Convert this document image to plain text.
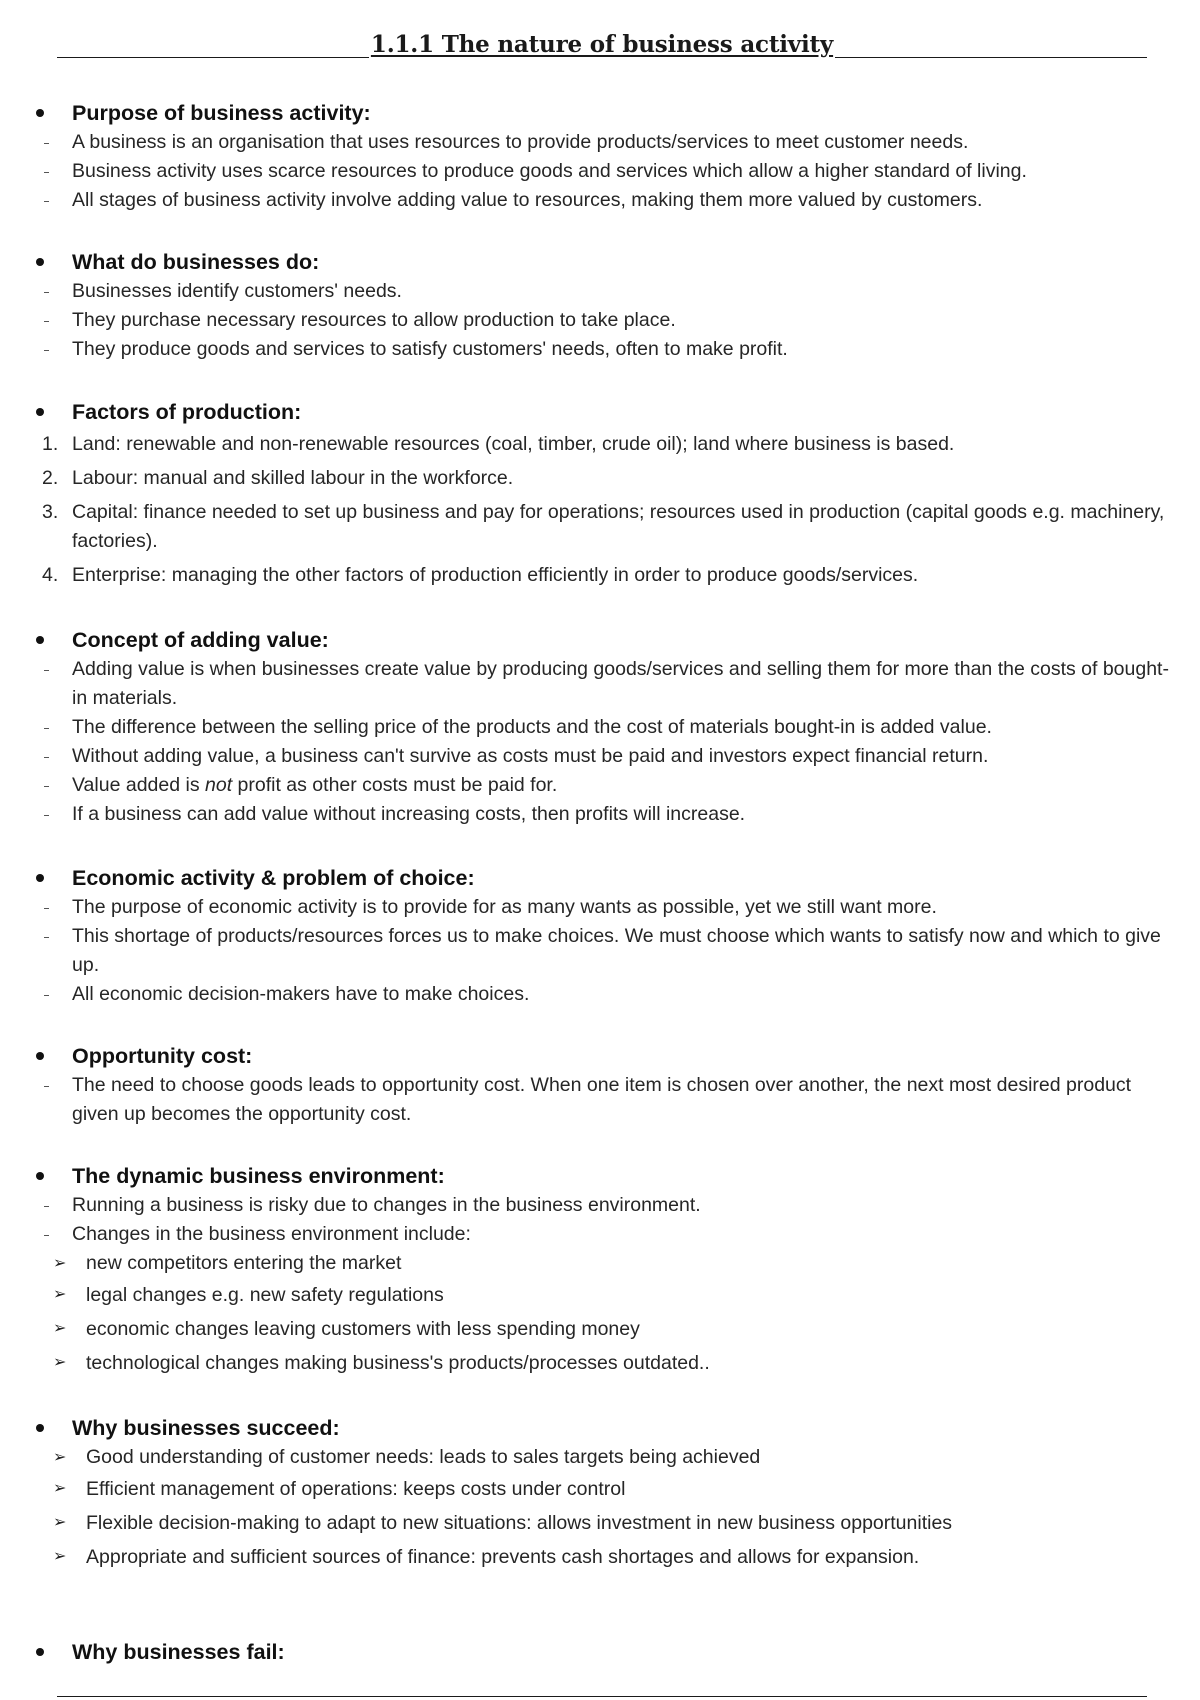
1.1.1 The nature of business activity
Purpose of business activity:
A business is an organisation that uses resources to provide products/services to meet customer needs.
Business activity uses scarce resources to produce goods and services which allow a higher standard of living.
All stages of business activity involve adding value to resources, making them more valued by customers.
What do businesses do:
Businesses identify customers' needs.
They purchase necessary resources to allow production to take place.
They produce goods and services to satisfy customers' needs, often to make profit.
Factors of production:
1. Land: renewable and non-renewable resources (coal, timber, crude oil); land where business is based.
2. Labour: manual and skilled labour in the workforce.
3. Capital: finance needed to set up business and pay for operations; resources used in production (capital goods e.g. machinery, factories).
4. Enterprise: managing the other factors of production efficiently in order to produce goods/services.
Concept of adding value:
Adding value is when businesses create value by producing goods/services and selling them for more than the costs of bought-in materials.
The difference between the selling price of the products and the cost of materials bought-in is added value.
Without adding value, a business can't survive as costs must be paid and investors expect financial return.
Value added is not profit as other costs must be paid for.
If a business can add value without increasing costs, then profits will increase.
Economic activity & problem of choice:
The purpose of economic activity is to provide for as many wants as possible, yet we still want more.
This shortage of products/resources forces us to make choices. We must choose which wants to satisfy now and which to give up.
All economic decision-makers have to make choices.
Opportunity cost:
The need to choose goods leads to opportunity cost. When one item is chosen over another, the next most desired product given up becomes the opportunity cost.
The dynamic business environment:
Running a business is risky due to changes in the business environment.
Changes in the business environment include:
➢ new competitors entering the market
➢ legal changes e.g. new safety regulations
➢ economic changes leaving customers with less spending money
➢ technological changes making business's products/processes outdated..
Why businesses succeed:
➢ Good understanding of customer needs: leads to sales targets being achieved
➢ Efficient management of operations: keeps costs under control
➢ Flexible decision-making to adapt to new situations: allows investment in new business opportunities
➢ Appropriate and sufficient sources of finance: prevents cash shortages and allows for expansion.
Why businesses fail:
